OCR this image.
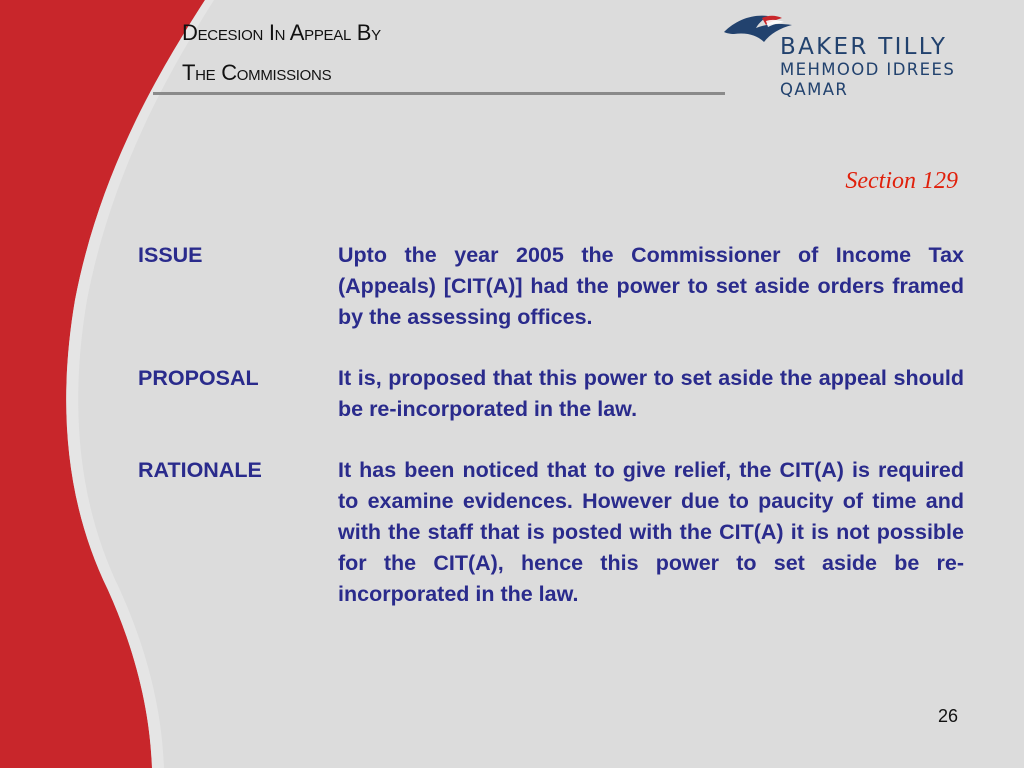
Decesion In Appeal By
The Commissions
BAKER TILLY
MEHMOOD IDREES
QAMAR
Section 129
ISSUE	Upto the year 2005 the Commissioner of Income Tax (Appeals) [CIT(A)] had the power to set aside orders framed by the assessing offices.
PROPOSAL	It is, proposed that this power to set aside the appeal should be re-incorporated in the law.
RATIONALE	It has been noticed that to give relief, the CIT(A) is required to examine evidences. However due to paucity of time and with the staff that is posted with the CIT(A) it is not possible for the CIT(A), hence this power to set aside be re-incorporated in the law.
26
